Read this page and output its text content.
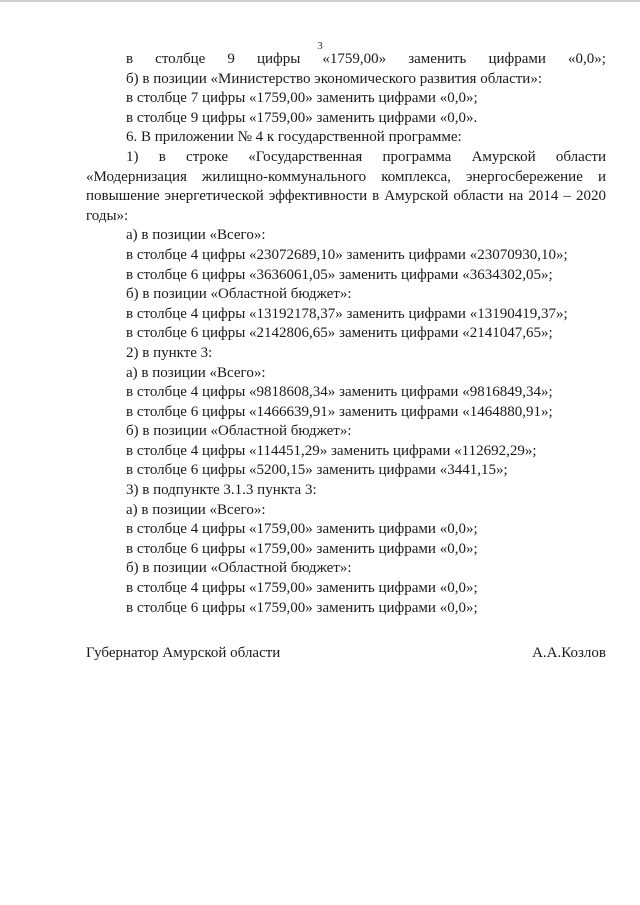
3
в столбце 9 цифры «1759,00» заменить цифрами «0,0»;

б) в позиции «Министерство экономического развития области»:

в столбце 7 цифры «1759,00» заменить цифрами «0,0»;

в столбце 9 цифры «1759,00» заменить цифрами «0,0».

6. В приложении № 4 к государственной программе:

1) в строке «Государственная программа Амурской области

«Модернизация жилищно-коммунального комплекса, энергосбережение и

повышение энергетической эффективности в Амурской области на 2014 – 2020

годы»:

а) в позиции «Всего»:

в столбце 4 цифры «23072689,10» заменить цифрами «23070930,10»;

в столбце 6 цифры «3636061,05» заменить цифрами «3634302,05»;

б) в позиции «Областной бюджет»:

в столбце 4 цифры «13192178,37» заменить цифрами «13190419,37»;

в столбце 6 цифры «2142806,65» заменить цифрами «2141047,65»;

2) в пункте 3:

а) в позиции «Всего»:

в столбце 4 цифры «9818608,34» заменить цифрами «9816849,34»;

в столбце 6 цифры «1466639,91» заменить цифрами «1464880,91»;

б) в позиции «Областной бюджет»:

в столбце 4 цифры «114451,29» заменить цифрами «112692,29»;

в столбце 6 цифры «5200,15» заменить цифрами «3441,15»;

3) в подпункте 3.1.3 пункта 3:

а) в позиции «Всего»:

в столбце 4 цифры «1759,00» заменить цифрами «0,0»;

в столбце 6 цифры «1759,00» заменить цифрами «0,0»;

б) в позиции «Областной бюджет»:

в столбце 4 цифры «1759,00» заменить цифрами «0,0»;

в столбце 6 цифры «1759,00» заменить цифрами «0,0»;

Губернатор Амурской области	А.А.Козлов
